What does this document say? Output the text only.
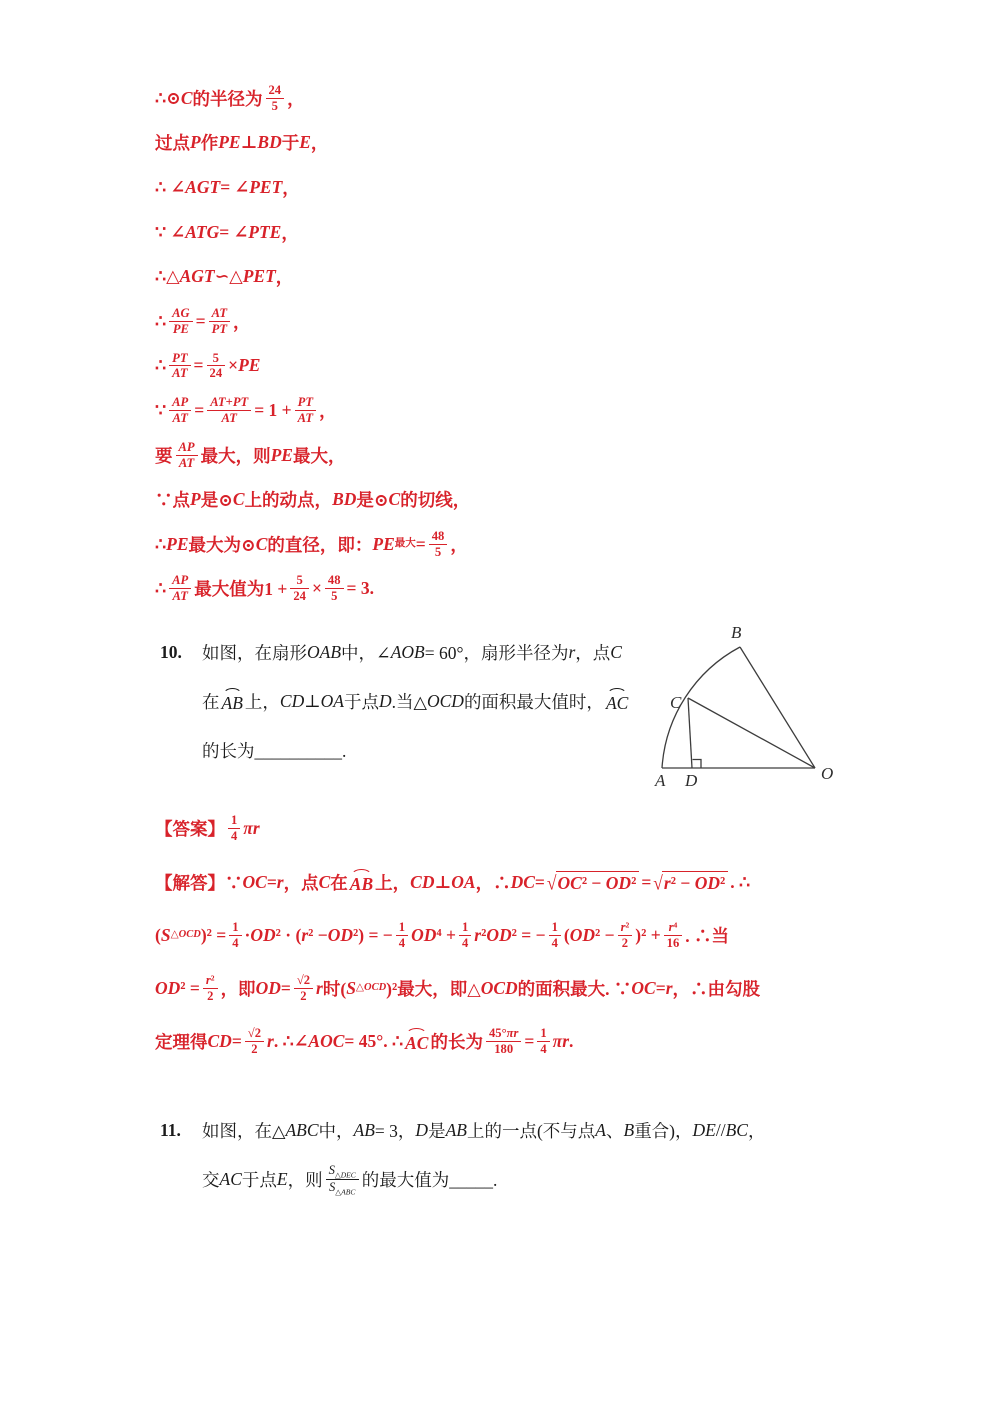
∴⊙ C 的半径为 $\frac{24}{5}$ ，
过点 P 作 PE ⊥ BD 于 E ，
∴ ∠ AGT = ∠ PET ，
∵ ∠ ATG = ∠ PTE ，
∴△ AGT ∽△ PET ，
∴ $\frac{AG}{PE} = \frac{AT}{PT}$ ，
∴ $\frac{PT}{AT} = \frac{5}{24}$ × PE
∵ $\frac{AP}{AT} = \frac{AT+PT}{AT} = 1 + \frac{PT}{AT}$ ，
要 $\frac{AP}{AT}$ 最大，则 PE 最大，
∵点 P 是⊙ C 上的动点， BD 是⊙ C 的切线，
∴ PE 最大为⊙ C 的直径，即： PE 最大 = $\frac{48}{5}$ ，
∴ $\frac{AP}{AT}$ 最大值为$1 + \frac{5}{24} \times \frac{48}{5} = 3$.
10. 如图，在扇形 OAB 中，∠ AOB = 60°，扇形半径为 r ，点 C
在 AB 上， CD ⊥ OA 于点 D .当△ OCD 的面积最大值时， AC
的长为__________.
A D	O
B
C
【答案】 $\frac{1}{4}$ πr
【解答】∵ OC = r ，点 C 在 AB 上， CD ⊥ OA ，∴ DC = √ OC² − OD² = √ r² − OD² . ∴
( S △OCD )$^2 = \frac{1}{4}$ · OD ² · ( r ² − OD ²) = − $\frac{1}{4}$ OD $^4 + \frac{1}{4}$ r ² OD ² = − $\frac{1}{4}$ ( OD $^2 - \frac{\text{r²}}{2} )^2 + \frac{\text{r⁴}}{16}$ . ∴当
OD $^2 = \frac{\text{r²}}{2}$ ，即 OD = $\frac{√2}{2}$ r 时( S △OCD )²最大，即△ OCD 的面积最大. ∵ OC = r ，∴由勾股
定理得 CD = $\frac{√2}{2}$ r . ∴∠ AOC = 45°. ∴ AC 的长为 $\frac{45^\circ\pi r}{180} = \frac{1}{4}$ πr .
11. 如图，在△ ABC 中， AB = 3， D 是 AB 上的一点(不与点 A 、 B 重合)， DE // BC ，
交 AC 于点 E ，则 $\frac{S_{\triangle DEC}}{S_{\triangle ABC}}$ 的最大值为_____.
